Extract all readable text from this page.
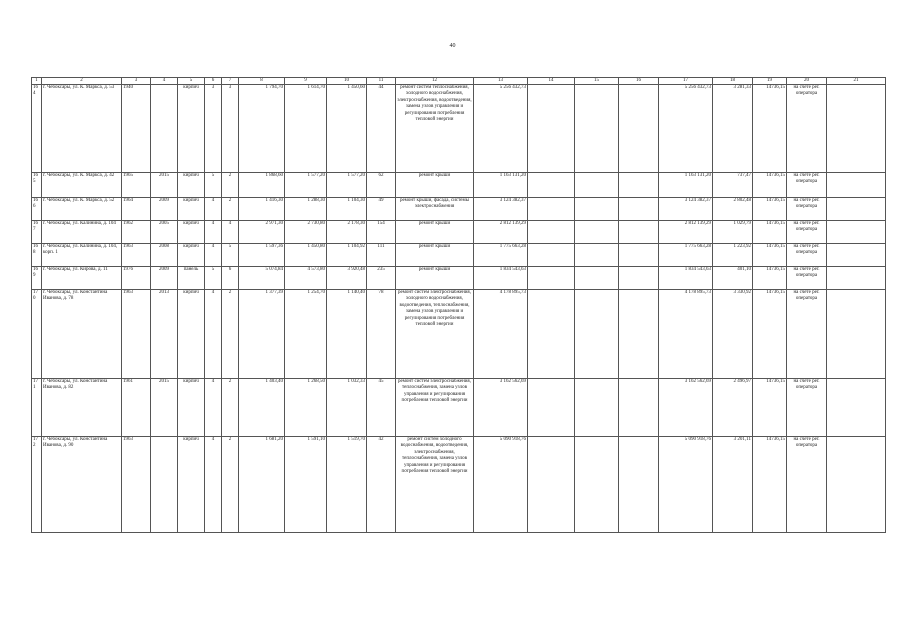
40
1	2	3	4	5	6	7	8	9	10	11	12	13	14	15	16	17	18	19	20	21
164	г. Чебоксары, ул. К. Маркса, д. 53	1940		кирпич	3	3	1 794,70	1 614,70	1 450,60	44	ремонт систем теплоснабжения, холодного водоснабжения, электроснабжения, водоотведения, замена узлов управления и регулирования потребления тепловой энергии	5 256 432,73				5 256 432,73	3 281,33	14736,15	на счете рег. оператора	
165	г. Чебоксары, ул. К. Маркса, д. 42	1965	2015	кирпич	5	2	1 868,60	1 577,20	1 577,20	62	ремонт крыши	1 163 131,20				1 163 131,20	737,47	14736,15	на счете рег. оператора	
166	г. Чебоксары, ул. К. Маркса, д. 52	1964	2009	кирпич	4	2	1 416,30	1 288,30	1 104,30	49	ремонт крыши, фасада, системы электроснабжения	3 124 382,37				3 124 382,37	2 802,48	14736,15	на счете рег. оператора	
167	г. Чебоксары, ул. Калинина, д. 104	1962	2005	кирпич	4	4	2 971,30	2 730,80	2 178,30	154	ремонт крыши	2 812 139,29				2 812 139,29	1 029,79	14736,15	на счете рег. оператора	
168	г. Чебоксары, ул. Калинина, д. 104, корп. 1	1963	2008	кирпич	4	5	1 597,36	1 450,80	1 104,92	111	ремонт крыши	1 775 663,28				1 775 663,28	1 223,92	14736,15	на счете рег. оператора	
169	г. Чебоксары, ул. Кирова, д. 11	1976	2009	панель	5	6	5 074,84	4 573,80	3 920,48	235	ремонт крыши	1 834 543,63				1 834 543,63	401,10	14736,15	на счете рег. оператора	
170	г. Чебоксары, ул. Константина Иванова, д. 78	1963	2013	кирпич	4	2	1 377,39	1 254,70	1 140,40	78	ремонт систем электроснабжения, холодного водоснабжения, водоотведения, теплоснабжения, замена узлов управления и регулирования потребления тепловой энергии	4 178 895,73				4 178 895,73	3 330,92	14736,15	на счете рег. оператора	
171	г. Чебоксары, ул. Константина Иванова, д. 82	1961	2015	кирпич	4	2	1 403,40	1 268,50	1 032,33	45	ремонт систем электроснабжения, теплоснабжения, замена узлов управления и регулирования потребления тепловой энергии	3 162 562,69				3 162 562,69	2 496,97	14736,15	на счете рег. оператора	
172	г. Чебоксары, ул. Константина Иванова, д. 90	1963		кирпич	4	2	1 681,20	1 591,10	1 519,70	42	ремонт систем холодного водоснабжения, водоотведения, электроснабжения, теплоснабжения, замена узлов управления и регулирования потребления тепловой энергии	5 090 918,76				5 090 918,76	3 201,11	14736,15	на счете рег. оператора	
